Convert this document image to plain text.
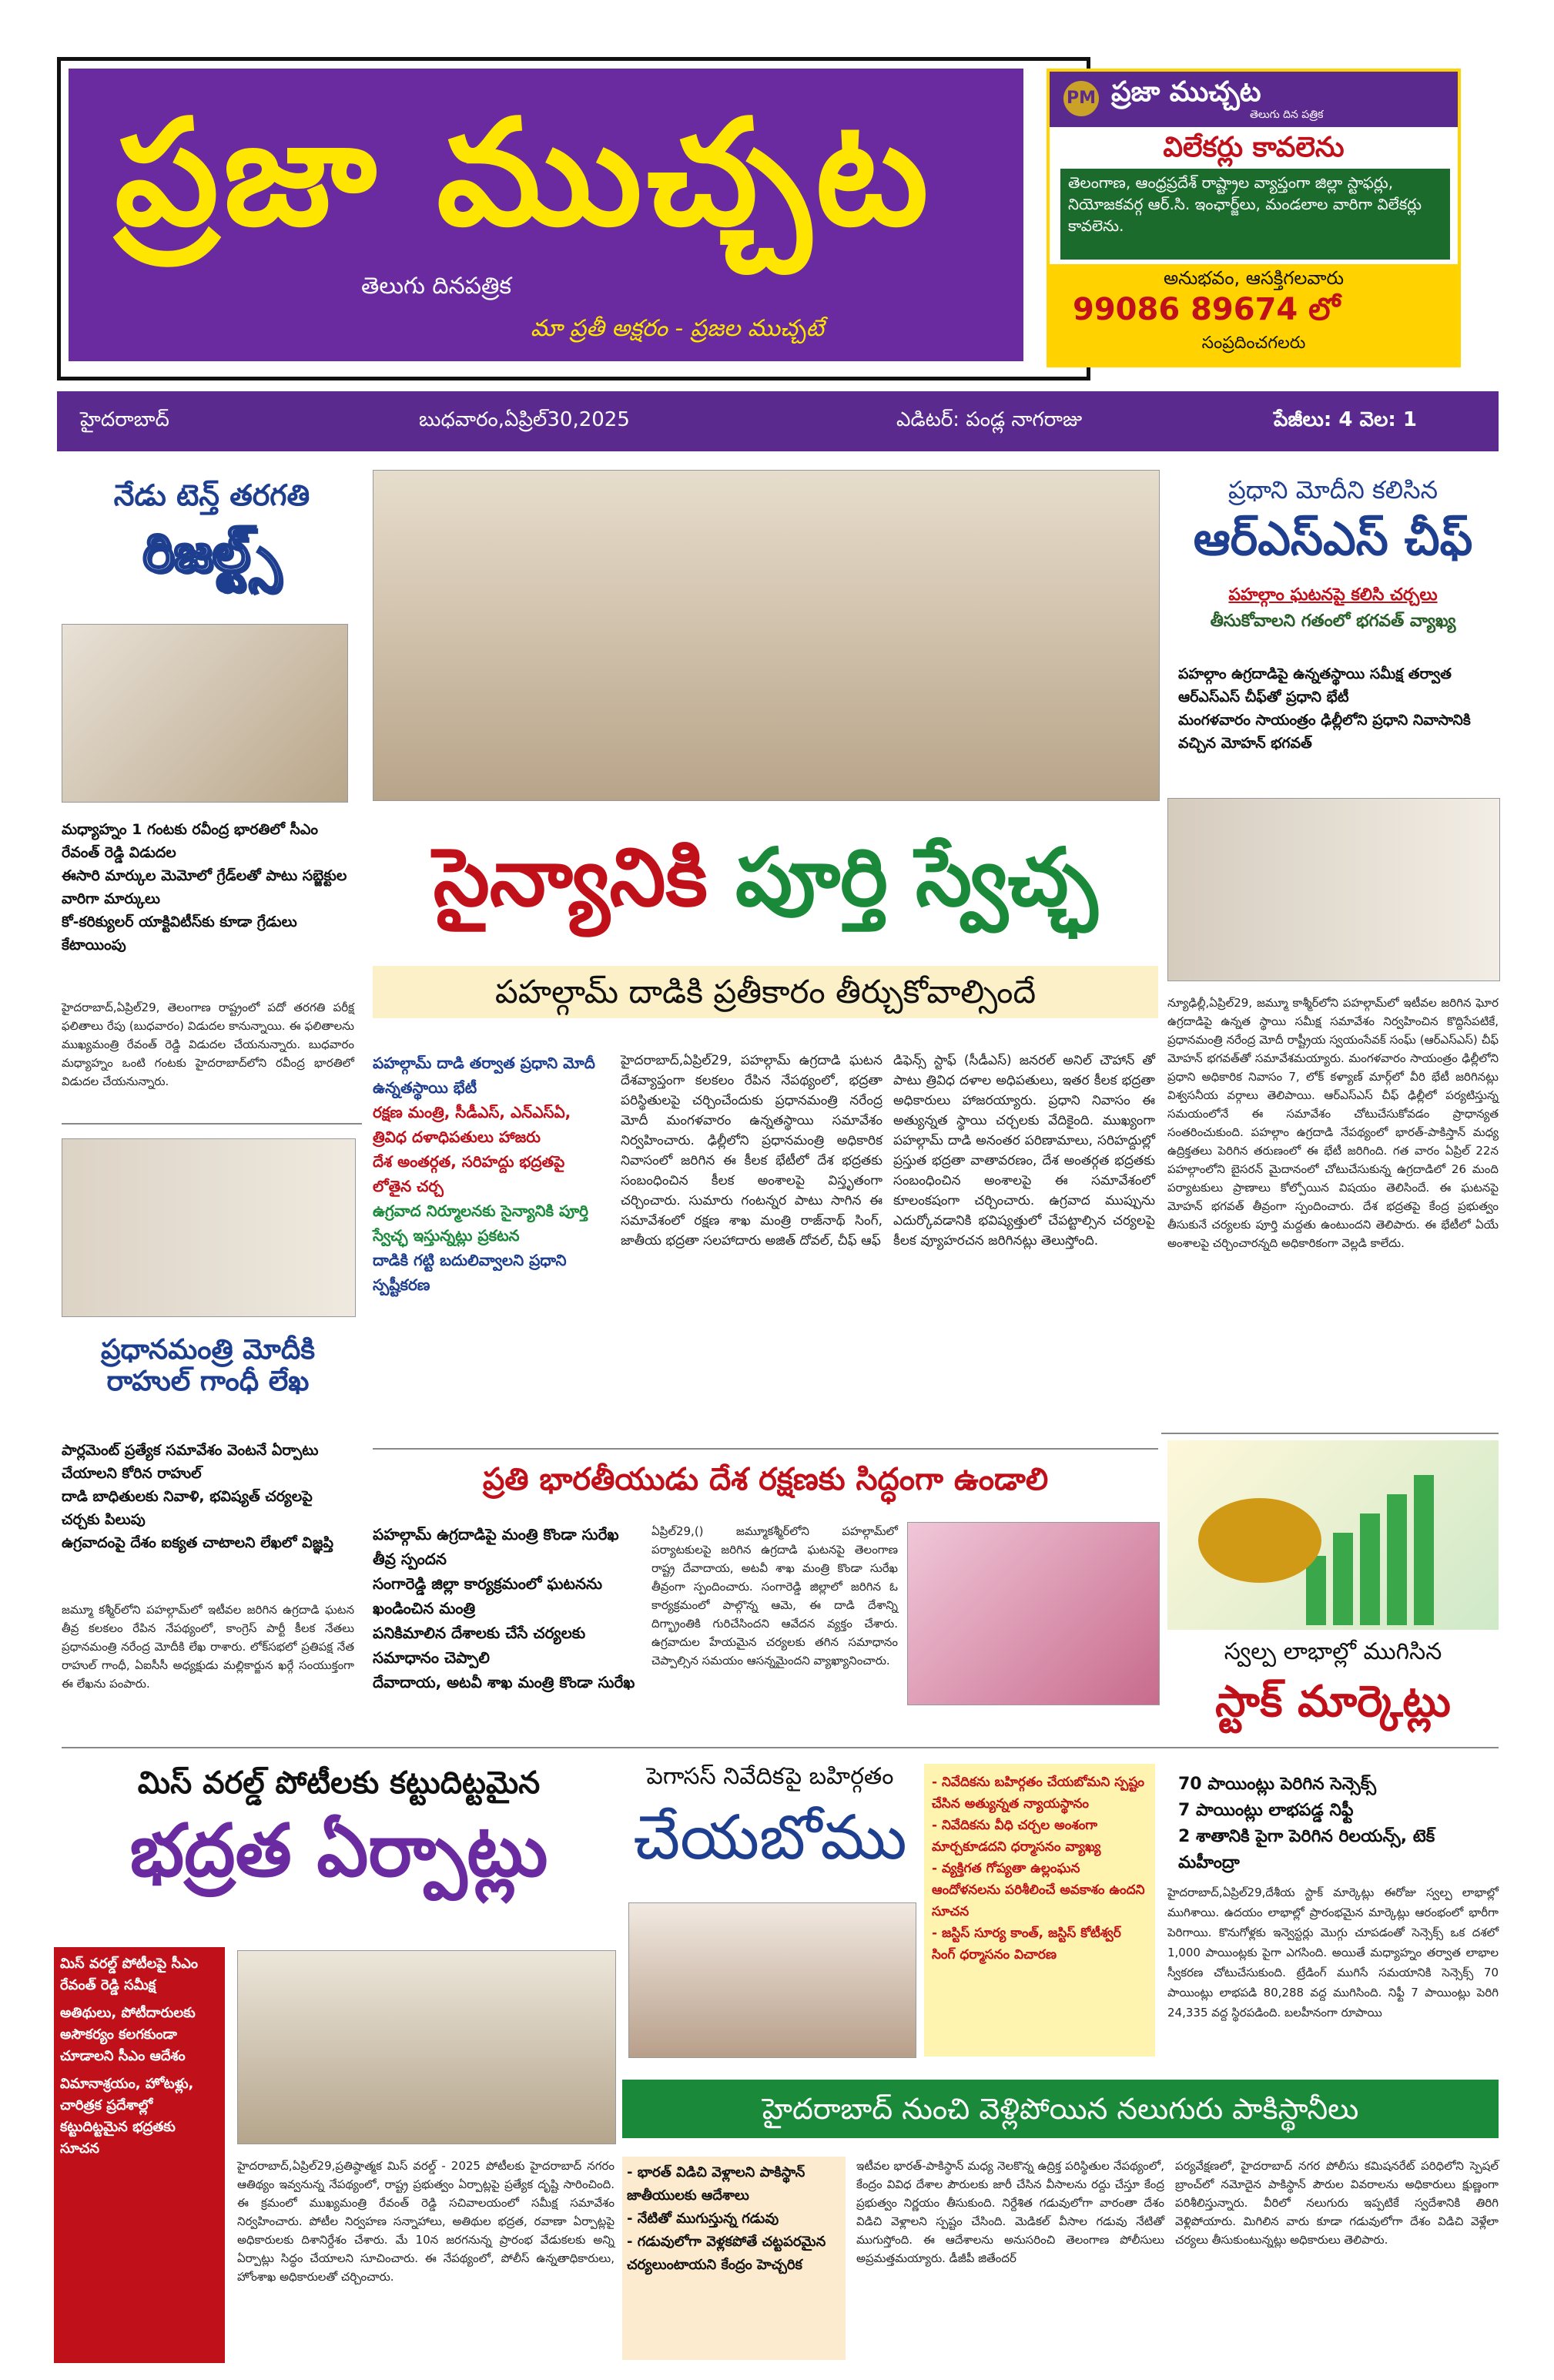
ప్రజా ముచ్చట
తెలుగు దినపత్రిక
మా ప్రతీ అక్షరం - ప్రజల ముచ్చటే
PM ప్రజా ముచ్చట
తెలుగు దిన పత్రిక
విలేకర్లు కావలెను
తెలంగాణ, ఆంధ్రప్రదేశ్ రాష్ట్రాల వ్యాప్తంగా జిల్లా స్టాఫర్లు, నియోజకవర్గ ఆర్.సి. ఇంఛార్జ్‌లు, మండలాల వారిగా విలేకర్లు కావలెను.
అనుభవం, ఆసక్తిగలవారు
99086 89674 లో
సంప్రదించగలరు
హైదరాబాద్	బుధవారం,ఏప్రిల్30,2025	ఎడిటర్: పండ్ల నాగరాజు	పేజీలు: 4 వెల: 1
నేడు టెన్త్ తరగతి
రిజల్ట్స్
మధ్యాహ్నం 1 గంటకు రవీంద్ర భారతిలో సీఎం రేవంత్ రెడ్డి విడుదల
ఈసారి మార్కుల మెమోలో గ్రేడ్‌లతో పాటు సబ్జెక్టుల వారిగా మార్కులు
కో-కరిక్యులర్ యాక్టివిటీస్‌కు కూడా గ్రేడులు కేటాయింపు
హైదరాబాద్,ఏప్రిల్29, తెలంగాణ రాష్ట్రంలో పదో తరగతి పరీక్ష ఫలితాలు రేపు (బుధవారం) విడుదల కానున్నాయి. ఈ ఫలితాలను ముఖ్యమంత్రి రేవంత్ రెడ్డి విడుదల చేయనున్నారు. బుధవారం మధ్యాహ్నం ఒంటి గంటకు హైదరాబాద్‌లోని రవీంద్ర భారతిలో విడుదల చేయనున్నారు.
ప్రధానమంత్రి మోదీకి రాహుల్ గాంధీ లేఖ
పార్లమెంట్ ప్రత్యేక సమావేశం వెంటనే ఏర్పాటు చేయాలని కోరిన రాహుల్
దాడి బాధితులకు నివాళి, భవిష్యత్ చర్యలపై చర్చకు పిలుపు
ఉగ్రవాదంపై దేశం ఐక్యత చాటాలని లేఖలో విజ్ఞప్తి
జమ్మూ కశ్మీర్‌లోని పహల్గామ్‌లో ఇటీవల జరిగిన ఉగ్రదాడి ఘటన తీవ్ర కలకలం రేపిన నేపథ్యంలో, కాంగ్రెస్ పార్టీ కీలక నేతలు ప్రధానమంత్రి నరేంద్ర మోదీకి లేఖ రాశారు. లోక్‌సభలో ప్రతిపక్ష నేత రాహుల్ గాంధీ, ఏఐసీసీ అధ్యక్షుడు మల్లికార్జున ఖర్గే సంయుక్తంగా ఈ లేఖను పంపారు.
సైన్యానికి పూర్తి స్వేచ్ఛ
పహల్గామ్ దాడికి ప్రతీకారం తీర్చుకోవాల్సిందే
పహల్గామ్ దాడి తర్వాత ప్రధాని మోదీ ఉన్నతస్థాయి భేటీ
రక్షణ మంత్రి, సీడీఎస్, ఎన్ఎస్ఏ, త్రివిధ దళాధిపతులు హాజరు
దేశ అంతర్గత, సరిహద్దు భద్రతపై లోతైన చర్చ
ఉగ్రవాద నిర్మూలనకు సైన్యానికి పూర్తి స్వేచ్ఛ ఇస్తున్నట్లు ప్రకటన
దాడికి గట్టి బదులివ్వాలని ప్రధాని స్పష్టీకరణ
హైదరాబాద్,ఏప్రిల్29, పహల్గామ్ ఉగ్రదాడి ఘటన దేశవ్యాప్తంగా కలకలం రేపిన నేపథ్యంలో, భద్రతా పరిస్థితులపై చర్చించేందుకు ప్రధానమంత్రి నరేంద్ర మోదీ మంగళవారం ఉన్నతస్థాయి సమావేశం నిర్వహించారు. ఢిల్లీలోని ప్రధానమంత్రి అధికారిక నివాసంలో జరిగిన ఈ కీలక భేటీలో దేశ భద్రతకు సంబంధించిన కీలక అంశాలపై విస్తృతంగా చర్చించారు. సుమారు గంటన్నర పాటు సాగిన ఈ సమావేశంలో రక్షణ శాఖ మంత్రి రాజ్‌నాథ్ సింగ్, జాతీయ భద్రతా సలహాదారు అజిత్ దోవల్, చీఫ్ ఆఫ్
డిఫెన్స్ స్టాఫ్ (సీడీఎస్) జనరల్ అనిల్ చౌహాన్ తో పాటు త్రివిధ దళాల అధిపతులు, ఇతర కీలక భద్రతా అధికారులు హాజరయ్యారు. ప్రధాని నివాసం ఈ అత్యున్నత స్థాయి చర్చలకు వేదికైంది. ముఖ్యంగా పహల్గామ్ దాడి అనంతర పరిణామాలు, సరిహద్దుల్లో ప్రస్తుత భద్రతా వాతావరణం, దేశ అంతర్గత భద్రతకు సంబంధించిన అంశాలపై ఈ సమావేశంలో కూలంకషంగా చర్చించారు. ఉగ్రవాద ముప్పును ఎదుర్కోవడానికి భవిష్యత్తులో చేపట్టాల్సిన చర్యలపై కీలక వ్యూహరచన జరిగినట్లు తెలుస్తోంది.
ప్రధాని మోదీని కలిసిన
ఆర్ఎస్ఎస్ చీఫ్
పహల్గాం ఘటనపై కలిసి చర్చలు
తీసుకోవాలని గతంలో భగవత్ వ్యాఖ్య
పహల్గాం ఉగ్రదాడిపై ఉన్నతస్థాయి సమీక్ష తర్వాత ఆర్ఎస్ఎస్ చీఫ్‌తో ప్రధాని భేటీ
మంగళవారం సాయంత్రం ఢిల్లీలోని ప్రధాని నివాసానికి వచ్చిన మోహన్ భగవత్
న్యూఢిల్లీ,ఏప్రిల్29, జమ్మూ కాశ్మీర్‌లోని పహల్గామ్‌లో ఇటీవల జరిగిన ఘోర ఉగ్రదాడిపై ఉన్నత స్థాయి సమీక్ష సమావేశం నిర్వహించిన కొద్దిసేపటికే, ప్రధానమంత్రి నరేంద్ర మోదీ రాష్ట్రీయ స్వయంసేవక్ సంఘ్ (ఆర్ఎస్ఎస్) చీఫ్ మోహన్ భగవత్‌తో సమావేశమయ్యారు. మంగళవారం సాయంత్రం ఢిల్లీలోని ప్రధాని అధికారిక నివాసం 7, లోక్ కళ్యాణ్ మార్గ్‌లో వీరి భేటీ జరిగినట్లు విశ్వసనీయ వర్గాలు తెలిపాయి. ఆర్ఎస్ఎస్ చీఫ్ ఢిల్లీలో పర్యటిస్తున్న సమయంలోనే ఈ సమావేశం చోటుచేసుకోవడం ప్రాధాన్యత సంతరించుకుంది. పహల్గాం ఉగ్రదాడి నేపథ్యంలో భారత్-పాకిస్తాన్ మధ్య ఉద్రిక్తతలు పెరిగిన తరుణంలో ఈ భేటీ జరిగింది. గత వారం ఏప్రిల్ 22న పహల్గాంలోని బైసరన్ మైదానంలో చోటుచేసుకున్న ఉగ్రదాడిలో 26 మంది పర్యాటకులు ప్రాణాలు కోల్పోయిన విషయం తెలిసిందే. ఈ ఘటనపై మోహన్ భగవత్ తీవ్రంగా స్పందించారు. దేశ భద్రతపై కేంద్ర ప్రభుత్వం తీసుకునే చర్యలకు పూర్తి మద్దతు ఉంటుందని తెలిపారు. ఈ భేటీలో ఏయే అంశాలపై చర్చించారన్నది అధికారికంగా వెల్లడి కాలేదు.
ప్రతి భారతీయుడు దేశ రక్షణకు సిద్ధంగా ఉండాలి
పహల్గామ్ ఉగ్రదాడిపై మంత్రి కొండా సురేఖ తీవ్ర స్పందన
సంగారెడ్డి జిల్లా కార్యక్రమంలో ఘటనను ఖండించిన మంత్రి
పనికిమాలిన దేశాలకు చేసే చర్యలకు సమాధానం చెప్పాలి
దేవాదాయ, అటవీ శాఖ మంత్రి కొండా సురేఖ
ఏప్రిల్29,() జమ్మూకశ్మీర్‌లోని పహల్గామ్‌లో పర్యాటకులపై జరిగిన ఉగ్రదాడి ఘటనపై తెలంగాణ రాష్ట్ర దేవాదాయ, అటవీ శాఖ మంత్రి కొండా సురేఖ తీవ్రంగా స్పందించారు. సంగారెడ్డి జిల్లాలో జరిగిన ఓ కార్యక్రమంలో పాల్గొన్న ఆమె, ఈ దాడి దేశాన్ని దిగ్భ్రాంతికి గురిచేసిందని ఆవేదన వ్యక్తం చేశారు. ఉగ్రవాదుల హేయమైన చర్యలకు తగిన సమాధానం చెప్పాల్సిన సమయం ఆసన్నమైందని వ్యాఖ్యానించారు.	స్వల్ప లాభాల్లో ముగిసిన
స్టాక్ మార్కెట్లు
70 పాయింట్లు పెరిగిన సెన్సెక్స్
7 పాయింట్లు లాభపడ్డ నిఫ్టీ
2 శాతానికి పైగా పెరిగిన రిలయన్స్, టెక్ మహీంద్రా
హైదరాబాద్,ఏప్రిల్29,దేశీయ స్టాక్ మార్కెట్లు ఈరోజు స్వల్ప లాభాల్లో ముగిశాయి. ఉదయం లాభాల్లో ప్రారంభమైన మార్కెట్లు ఆరంభంలో భారీగా పెరిగాయి. కొనుగోళ్లకు ఇన్వెస్టర్లు మొగ్గు చూపడంతో సెన్సెక్స్ ఒక దశలో 1,000 పాయింట్లకు పైగా ఎగసింది. అయితే మధ్యాహ్నం తర్వాత లాభాల స్వీకరణ చోటుచేసుకుంది. ట్రేడింగ్ ముగిసే సమయానికి సెన్సెక్స్ 70 పాయింట్లు లాభపడి 80,288 వద్ద ముగిసింది. నిఫ్టీ 7 పాయింట్లు పెరిగి 24,335 వద్ద స్థిరపడింది. బలహీనంగా రూపాయి
మిస్ వరల్డ్ పోటీలకు కట్టుదిట్టమైన
భద్రత ఏర్పాట్లు
మిస్ వరల్డ్ పోటీలపై సీఎం రేవంత్ రెడ్డి సమీక్ష
అతిథులు, పోటీదారులకు అసౌకర్యం కలగకుండా చూడాలని సీఎం ఆదేశం
విమానాశ్రయం, హోటళ్లు, చారిత్రక ప్రదేశాల్లో కట్టుదిట్టమైన భద్రతకు సూచన
హైదరాబాద్,ఏప్రిల్29,ప్రతిష్ఠాత్మక మిస్ వరల్డ్ - 2025 పోటీలకు హైదరాబాద్ నగరం ఆతిథ్యం ఇవ్వనున్న నేపథ్యంలో, రాష్ట్ర ప్రభుత్వం ఏర్పాట్లపై ప్రత్యేక దృష్టి సారించింది. ఈ క్రమంలో ముఖ్యమంత్రి రేవంత్ రెడ్డి సచివాలయంలో సమీక్ష సమావేశం నిర్వహించారు. పోటీల నిర్వహణ సన్నాహాలు, అతిథుల భద్రత, రవాణా ఏర్పాట్లపై అధికారులకు దిశానిర్దేశం చేశారు. మే 10న జరగనున్న ప్రారంభ వేడుకలకు అన్ని ఏర్పాట్లు సిద్ధం చేయాలని సూచించారు. ఈ నేపథ్యంలో, పోలీస్ ఉన్నతాధికారులు, హోంశాఖ అధికారులతో చర్చించారు.
పెగాసస్ నివేదికపై బహిర్గతం
చేయబోము
- నివేదికను బహిర్గతం చేయబోమని స్పష్టం చేసిన అత్యున్నత న్యాయస్థానం
- నివేదికను వీధి చర్చల అంశంగా మార్చకూడదని ధర్మాసనం వ్యాఖ్య
- వ్యక్తిగత గోప్యతా ఉల్లంఘన ఆందోళనలను పరిశీలించే అవకాశం ఉందని సూచన
- జస్టిస్ సూర్య కాంత్, జస్టిస్ కోటీశ్వర్ సింగ్ ధర్మాసనం విచారణ
హైదరాబాద్ నుంచి వెళ్లిపోయిన నలుగురు పాకిస్థానీలు
- భారత్ విడిచి వెళ్లాలని పాకిస్థాన్ జాతీయులకు ఆదేశాలు
- నేటితో ముగుస్తున్న గడువు
- గడువులోగా వెళ్లకపోతే చట్టపరమైన చర్యలుంటాయని కేంద్రం హెచ్చరిక
ఇటీవల భారత్-పాకిస్థాన్ మధ్య నెలకొన్న ఉద్రిక్త పరిస్థితుల నేపథ్యంలో, కేంద్రం వివిధ దేశాల పౌరులకు జారీ చేసిన వీసాలను రద్దు చేస్తూ కేంద్ర ప్రభుత్వం నిర్ణయం తీసుకుంది. నిర్దేశిత గడువులోగా వారంతా దేశం విడిచి వెళ్లాలని స్పష్టం చేసింది. మెడికల్ వీసాల గడువు నేటితో ముగుస్తోంది. ఈ ఆదేశాలను అనుసరించి తెలంగాణ పోలీసులు అప్రమత్తమయ్యారు. డీజీపీ జితేందర్
పర్యవేక్షణలో, హైదరాబాద్ నగర పోలీసు కమిషనరేట్ పరిధిలోని స్పెషల్ బ్రాంచ్‌లో నమోదైన పాకిస్థాన్ పౌరుల వివరాలను అధికారులు క్షుణ్ణంగా పరిశీలిస్తున్నారు. వీరిలో నలుగురు ఇప్పటికే స్వదేశానికి తిరిగి వెళ్లిపోయారు. మిగిలిన వారు కూడా గడువులోగా దేశం విడిచి వెళ్లేలా చర్యలు తీసుకుంటున్నట్లు అధికారులు తెలిపారు.
